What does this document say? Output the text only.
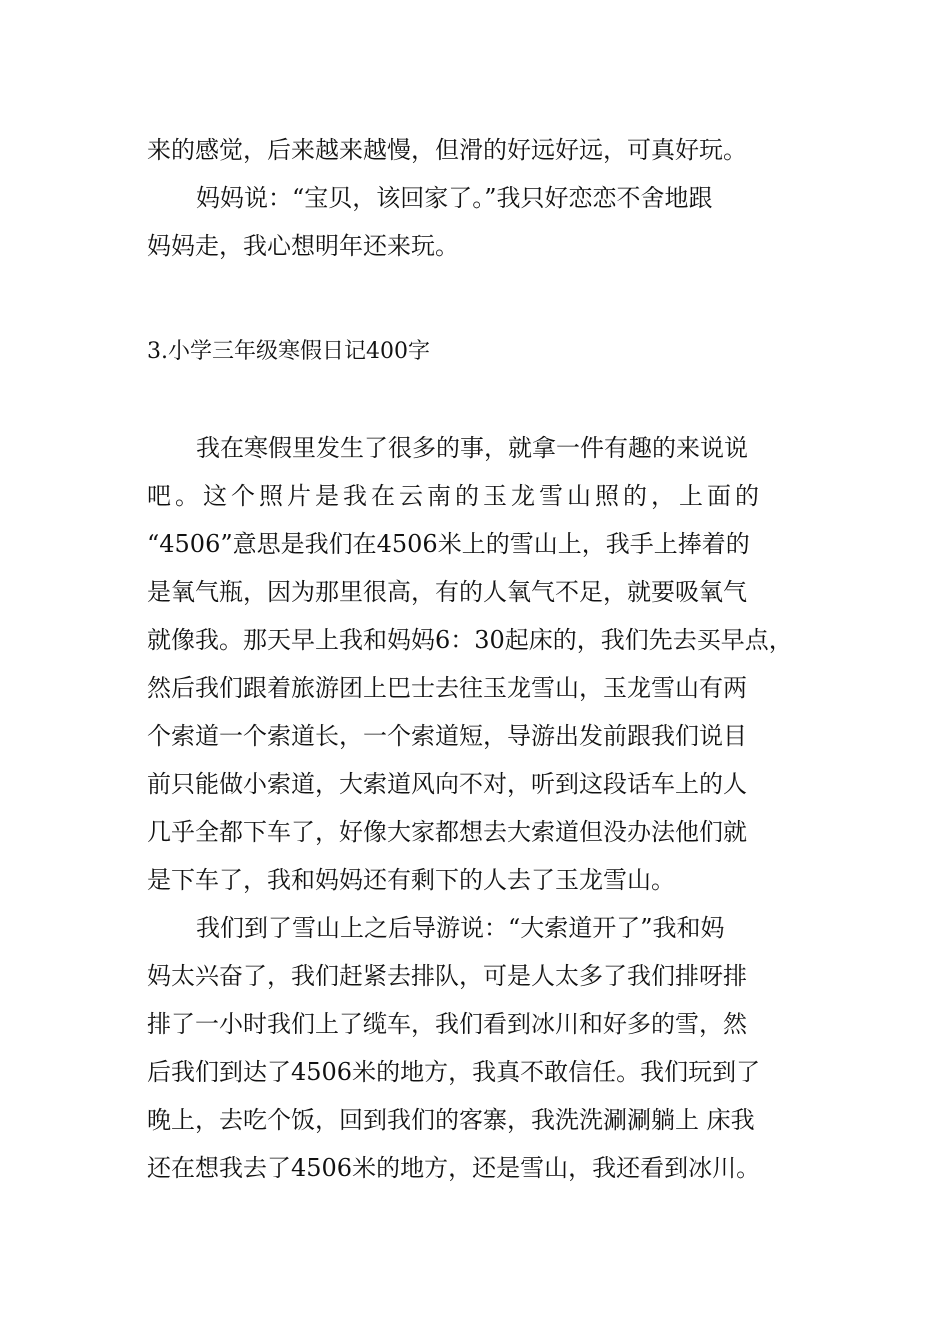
来的感觉，后来越来越慢，但滑的好远好远，可真好玩。
妈妈说：“宝贝，该回家了。”我只好恋恋不舍地跟
妈妈走，我心想明年还来玩。
3.小学三年级寒假日记400字
我在寒假里发生了很多的事，就拿一件有趣的来说说
吧。这个照片是我在云南的玉龙雪山照的，上面的
“4506”意思是我们在4506米上的雪山上，我手上捧着的
是氧气瓶，因为那里很高，有的人氧气不足，就要吸氧气
就像我。那天早上我和妈妈6：30起床的，我们先去买早点，
然后我们跟着旅游团上巴士去往玉龙雪山，玉龙雪山有两
个索道一个索道长，一个索道短，导游出发前跟我们说目
前只能做小索道，大索道风向不对，听到这段话车上的人
几乎全都下车了，好像大家都想去大索道但没办法他们就
是下车了，我和妈妈还有剩下的人去了玉龙雪山。
我们到了雪山上之后导游说：“大索道开了”我和妈
妈太兴奋了，我们赶紧去排队，可是人太多了我们排呀排
排了一小时我们上了缆车，我们看到冰川和好多的雪，然
后我们到达了4506米的地方，我真不敢信任。我们玩到了
晚上，去吃个饭，回到我们的客寨，我洗洗涮涮躺上 床我
还在想我去了4506米的地方，还是雪山，我还看到冰川。
